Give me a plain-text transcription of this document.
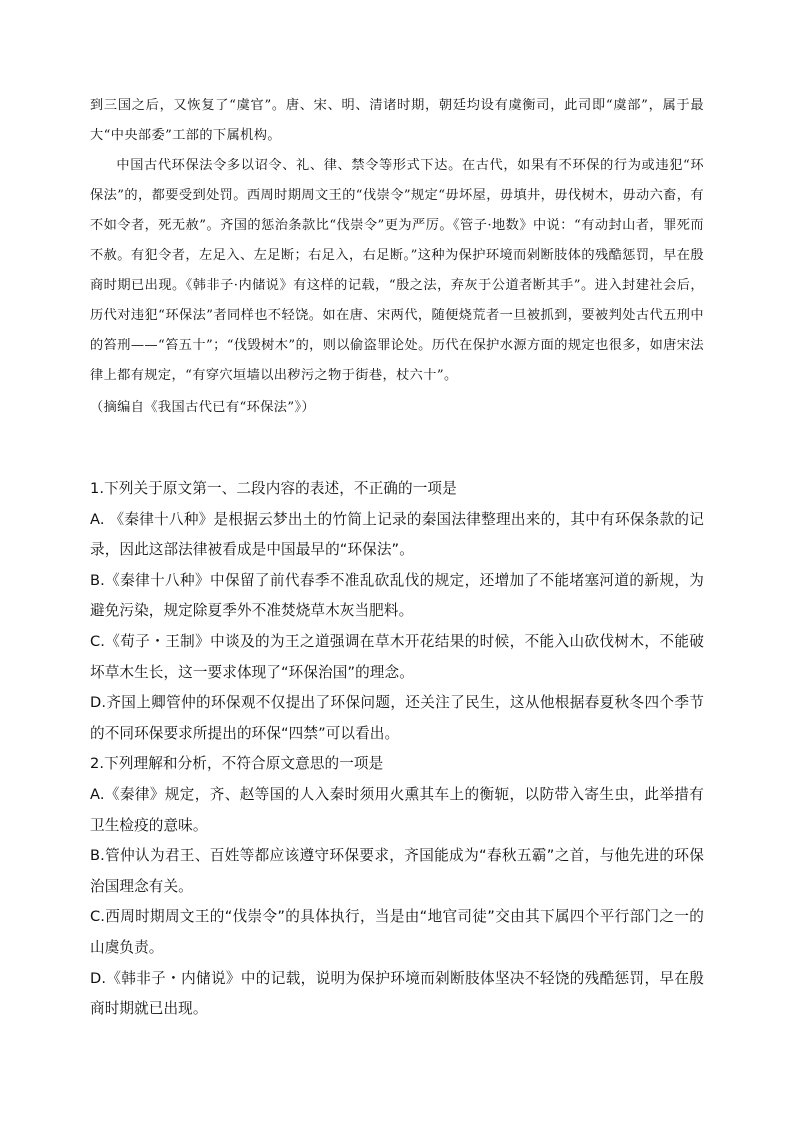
到三国之后，又恢复了“虞官”。唐、宋、明、清诸时期，朝廷均设有虞衡司，此司即“虞部”，属于最大“中央部委”工部的下属机构。

中国古代环保法令多以诏令、礼、律、禁令等形式下达。在古代，如果有不环保的行为或违犯“环保法”的，都要受到处罚。西周时期周文王的“伐崇令”规定“毋坏屋，毋填井，毋伐树木，毋动六畜，有不如令者，死无赦”。齐国的惩治条款比“伐崇令”更为严厉。《管子·地数》中说：“有动封山者，罪死而不赦。有犯令者，左足入、左足断；右足入，右足断。”这种为保护环境而剁断肢体的残酷惩罚，早在殷商时期已出现。《韩非子·内储说》有这样的记载，“殷之法，弃灰于公道者断其手”。进入封建社会后，历代对违犯“环保法”者同样也不轻饶。如在唐、宋两代，随便烧荒者一旦被抓到，要被判处古代五刑中的笞刑——“笞五十”；“伐毁树木”的，则以偷盗罪论处。历代在保护水源方面的规定也很多，如唐宋法律上都有规定，“有穿穴垣墙以出秽污之物于街巷，杖六十”。

（摘编自《我国古代已有“环保法”》）

1.下列关于原文第一、二段内容的表述，不正确的一项是

A. 《秦律十八种》是根据云梦出土的竹简上记录的秦国法律整理出来的，其中有环保条款的记录，因此这部法律被看成是中国最早的“环保法”。

B.《秦律十八种》中保留了前代春季不准乱砍乱伐的规定，还增加了不能堵塞河道的新规，为避免污染，规定除夏季外不准焚烧草木灰当肥料。

C.《荀子・王制》中谈及的为王之道强调在草木开花结果的时候，不能入山砍伐树木，不能破坏草木生长，这一要求体现了“环保治国”的理念。

D.齐国上卿管仲的环保观不仅提出了环保问题，还关注了民生，这从他根据春夏秋冬四个季节的不同环保要求所提出的环保“四禁”可以看出。

2.下列理解和分析，不符合原文意思的一项是

A.《秦律》规定，齐、赵等国的人入秦时须用火熏其车上的衡轭，以防带入寄生虫，此举措有卫生检疫的意味。

B.管仲认为君王、百姓等都应该遵守环保要求，齐国能成为“春秋五霸”之首，与他先进的环保治国理念有关。

C.西周时期周文王的“伐崇令”的具体执行，当是由“地官司徒”交由其下属四个平行部门之一的山虞负责。

D.《韩非子・内储说》中的记载，说明为保护环境而剁断肢体坚决不轻饶的残酷惩罚，早在殷商时期就已出现。
